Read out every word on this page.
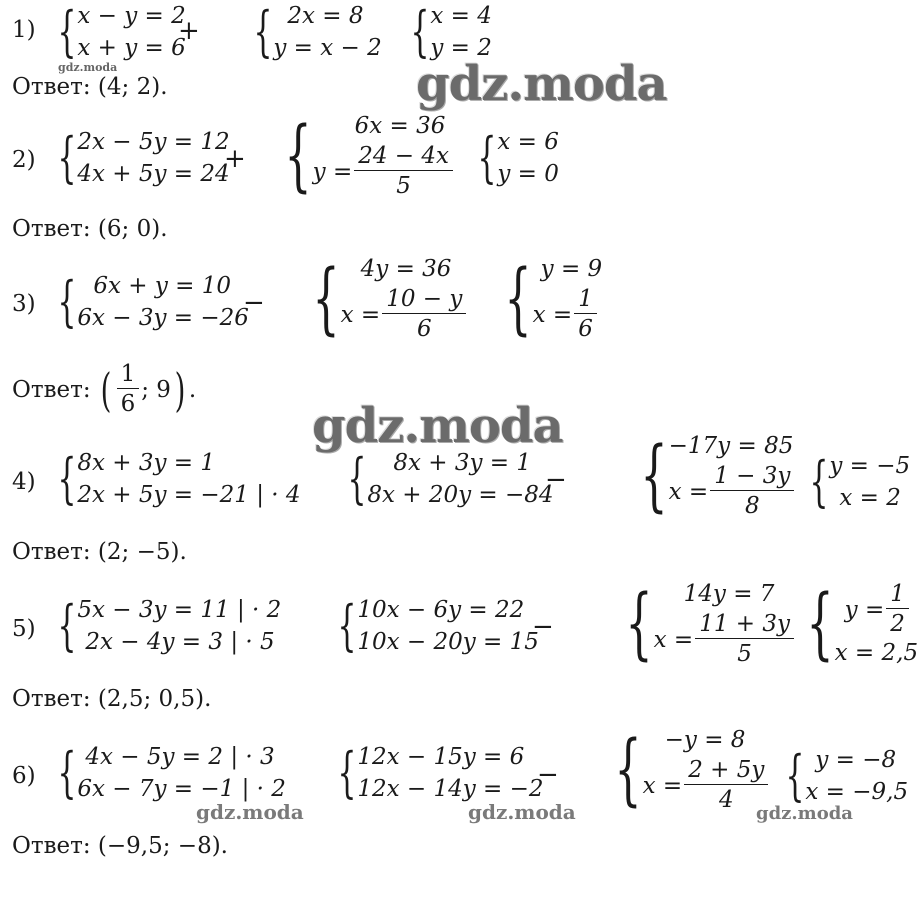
1) { x − y = 2
x + y = 6
+ { 2x = 8
y = x − 2 { x = 4
y = 2
gdz.moda
Ответ: (4; 2).	gdz.moda
2) { 2x − 5y = 12
4x + 5y = 24
+ {	6x = 36
$y = \frac{24 - 4x}{5}$ { x = 6
y = 0
Ответ: (6; 0).
3) { 6x + y = 10
6x − 3y = −26
− { 4y = 36
$x = \frac{10 - y}{6}$ { y = 9
$x = \frac{1}{6}$
Ответ: ( $\frac{1}{6}$ ; 9 ) .
gdz.moda
4) { 8x + 3y = 1
2x + 5y = −21 | · 4 {	8x + 3y = 1
8x + 20y = −84
− { −17y = 85
$x = \frac{1 - 3y}{8}$ { y = −5
x = 2
Ответ: (2; −5).
5) { 5x − 3y = 11 | · 2
2x − 4y = 3 | · 5 { 10x − 6y = 22
10x − 20y = 15
− {	14y = 7
$x = \frac{11 + 3y}{5}$ { $y = \frac{1}{2}$
x = 2,5
Ответ: (2,5; 0,5).
6) { 4x − 5y = 2 | · 3
6x − 7y = −1 | · 2 { 12x − 15y = 6
12x − 14y = −2
− {	−y = 8
$x = \frac{2 + 5y}{4}$ { y = −8
x = −9,5
gdz.moda	gdz.moda	gdz.moda
Ответ: (−9,5; −8).
